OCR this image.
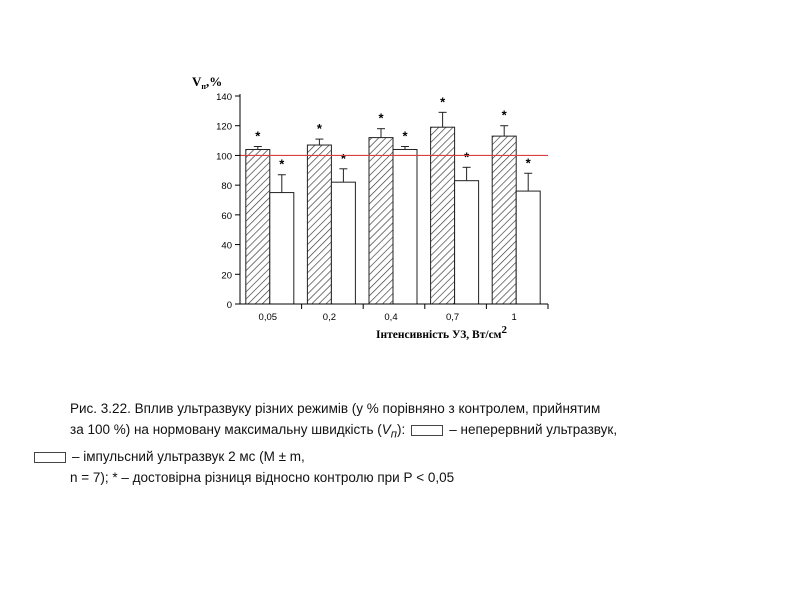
*
*
*
*
*
*
*
*
*
*
0
20
40
60
80
100
120
140
0,05	0,2	0,4	0,7	1
$V_п,\%$
Інтенсивність УЗ, Вт/см2
Рис. 3.22. Вплив ультразвуку різних режимів (у % порівняно з контролем, прийнятим
за 100 %) на нормовану максимальну швидкість $(V_п)$:	– неперервний ультразвук,
– імпульсний ультразвук 2 мс (М ± m,
n = 7); * – достовірна різниця відносно контролю при Р < 0,05
